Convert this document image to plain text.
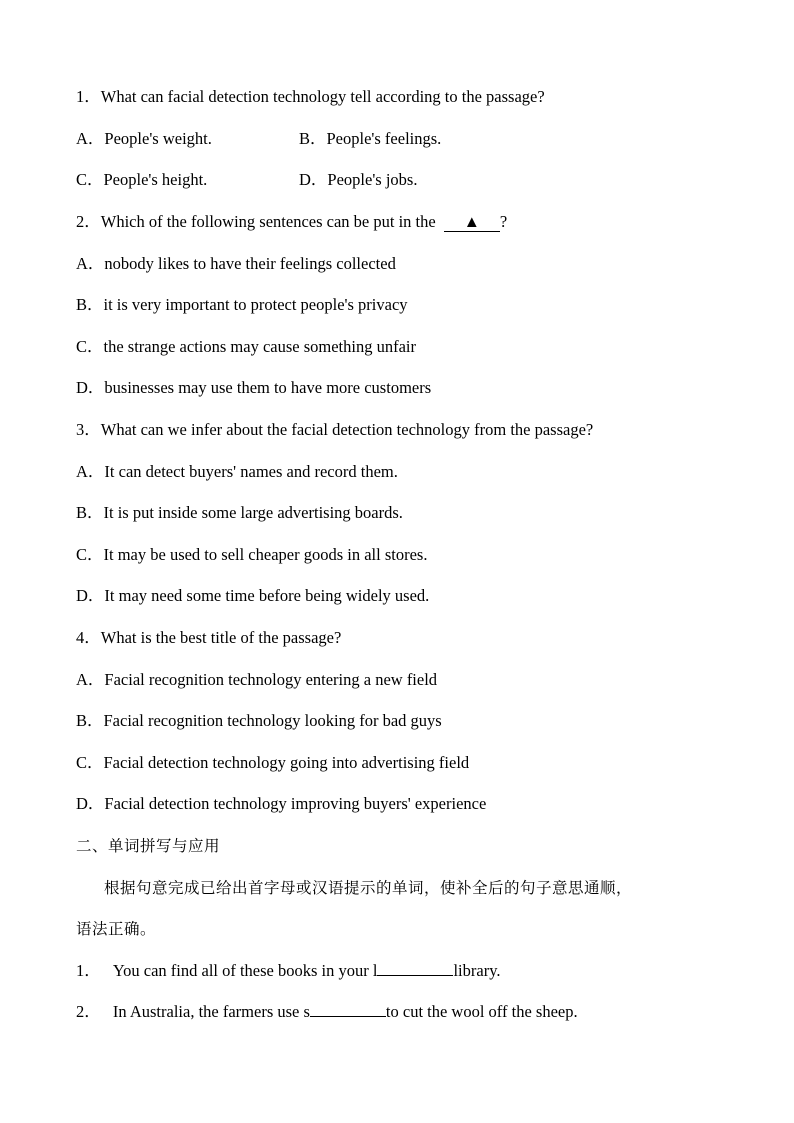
1．What can facial detection technology tell according to the passage?
A．People's weight.	B．People's feelings.
C．People's height.	D．People's jobs.
2．Which of the following sentences can be put in the ▲ ?
A．nobody likes to have their feelings collected
B．it is very important to protect people's privacy
C．the strange actions may cause something unfair
D．businesses may use them to have more customers
3．What can we infer about the facial detection technology from the passage?
A．It can detect buyers' names and record them.
B．It is put inside some large advertising boards.
C．It may be used to sell cheaper goods in all stores.
D．It may need some time before being widely used.
4．What is the best title of the passage?
A．Facial recognition technology entering a new field
B．Facial recognition technology looking for bad guys
C．Facial detection technology going into advertising field
D．Facial detection technology improving buyers' experience
二、单词拼写与应用
根据句意完成已给出首字母或汉语提示的单词，使补全后的句子意思通顺，
语法正确。
1． You can find all of these books in your l	library.
2． In Australia, the farmers use s	to cut the wool off the sheep.
